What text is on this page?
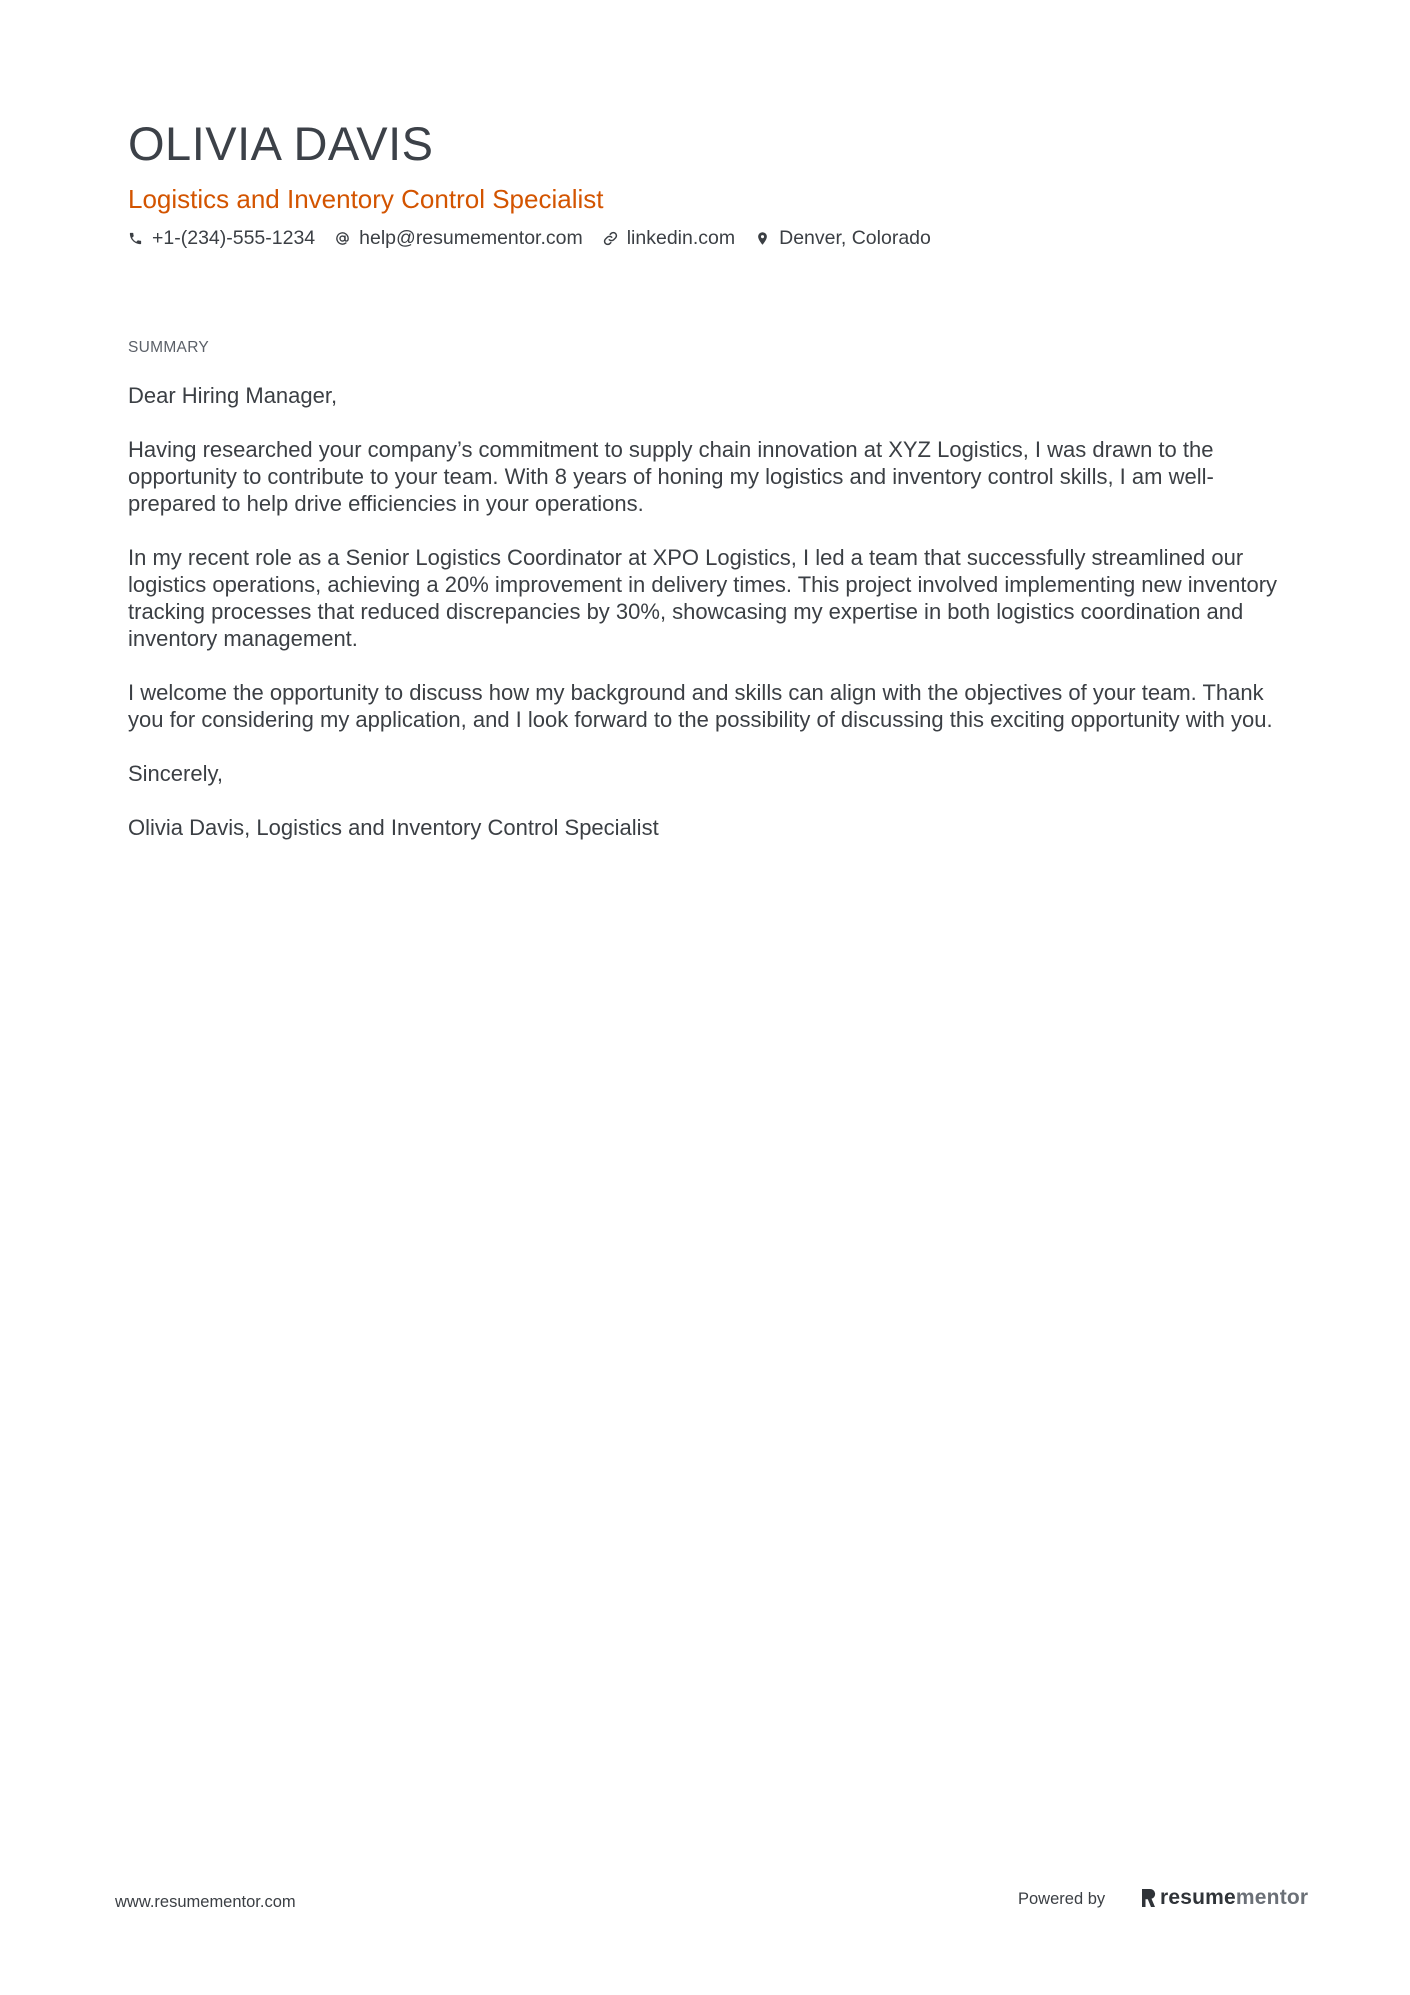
OLIVIA DAVIS
Logistics and Inventory Control Specialist
+1-(234)-555-1234 help@resumementor.com linkedin.com Denver, Colorado
SUMMARY

Dear Hiring Manager,

Having researched your company’s commitment to supply chain innovation at XYZ Logistics, I was drawn to the opportunity to contribute to your team. With 8 years of honing my logistics and inventory control skills, I am well-prepared to help drive efficiencies in your operations.

In my recent role as a Senior Logistics Coordinator at XPO Logistics, I led a team that successfully streamlined our logistics operations, achieving a 20% improvement in delivery times. This project involved implementing new inventory tracking processes that reduced discrepancies by 30%, showcasing my expertise in both logistics coordination and inventory management.

I welcome the opportunity to discuss how my background and skills can align with the objectives of your team. Thank you for considering my application, and I look forward to the possibility of discussing this exciting opportunity with you.

Sincerely,

Olivia Davis, Logistics and Inventory Control Specialist

www.resumementor.com	Powered by	resume mentor
